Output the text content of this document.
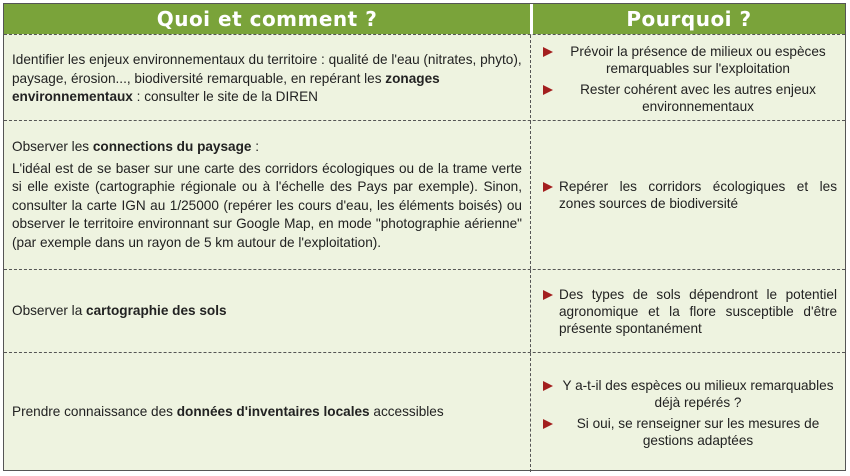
Quoi et comment ?	Pourquoi ?

Identifier les enjeux environnementaux du territoire : qualité de l'eau (nitrates, phyto), paysage, érosion..., biodiversité remarquable, en repérant les zonages environnementaux : consulter le site de la DIREN

Prévoir la présence de milieux ou espèces remarquables sur l'exploitation
Rester cohérent avec les autres enjeux environnementaux

Observer les connections du paysage :

L'idéal est de se baser sur une carte des corridors écologiques ou de la trame verte si elle existe (cartographie régionale ou à l'échelle des Pays par exemple). Sinon, consulter la carte IGN au 1/25000 (repérer les cours d'eau, les éléments boisés) ou observer le territoire environnant sur Google Map, en mode "photographie aérienne" (par exemple dans un rayon de 5 km autour de l'exploitation).

Repérer les corridors écologiques et les zones sources de biodiversité

Observer la cartographie des sols

Des types de sols dépendront le potentiel agronomique et la flore susceptible d'être présente spontanément

Prendre connaissance des données d'inventaires locales accessibles

Y a-t-il des espèces ou milieux remarquables déjà repérés ?
Si oui, se renseigner sur les mesures de gestions adaptées
